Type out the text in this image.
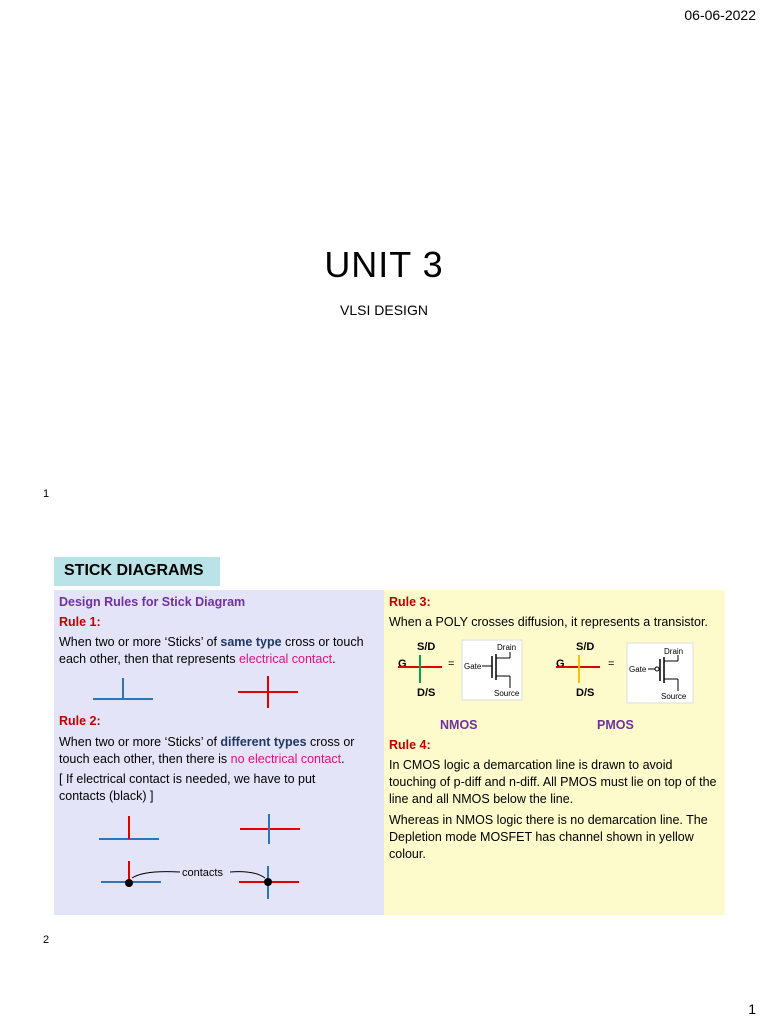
06-06-2022
UNIT 3
VLSI DESIGN
1
STICK DIAGRAMS
Design Rules for Stick Diagram
Rule 1:
When two or more ‘Sticks’ of same type cross or touch each other, then that represents electrical contact.
Rule 2:
When two or more ‘Sticks’ of different types cross or touch each other, then there is no electrical contact.
[ If electrical contact is needed, we have to put contacts (black) ]
contacts
Rule 3:
When a POLY crosses diffusion, it represents a transistor.
S/D
G
D/S
=
Drain
Gate
Source
S/D
G
D/S
=
Drain
Gate
Source
NMOS	PMOS
Rule 4:
In CMOS logic a demarcation line is drawn to avoid touching of p-diff and n-diff. All PMOS must lie on top of the line and all NMOS below the line.
Whereas in NMOS logic there is no demarcation line. The Depletion mode MOSFET has channel shown in yellow colour.
2
1
